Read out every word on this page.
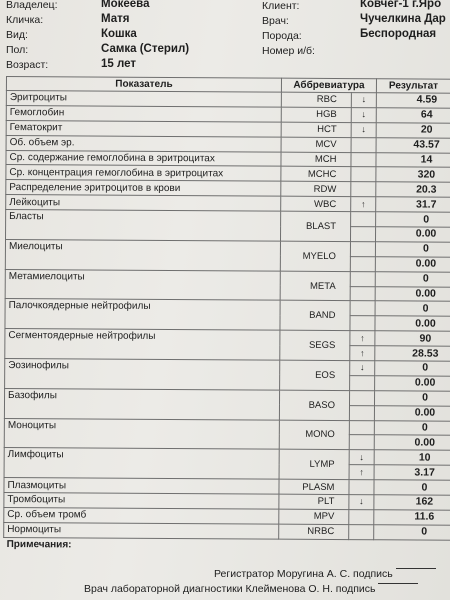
Владелец:	Мокеева
Кличка:	Матя
Вид:	Кошка
Пол:	Самка (Стерил)
Возраст:	15 лет
Клиент:	Ковчег-1 г.Яро
Врач:	Чучелкина Дар
Порода:	Беспородная
Номер и/б:
Показатель	Аббревиатура		Результат
Эритроциты	RBC	↓	4.59
Гемоглобин	HGB	↓	64
Гематокрит	HCT	↓	20
Об. объем эр.	MCV		43.57
Ср. содержание гемоглобина в эритроцитах	MCH		14
Ср. концентрация гемоглобина в эритроцитах	MCHC		320
Распределение эритроцитов в крови	RDW		20.3
Лейкоциты	WBC	↑	31.7
Бласты	BLAST		0
			0.00
Миелоциты	MYELO		0
			0.00
Метамиелоциты	META		0
			0.00
Палочкоядерные нейтрофилы	BAND		0
			0.00
Сегментоядерные нейтрофилы	SEGS	↑	90
		↑	28.53
Эозинофилы	EOS	↓	0
			0.00
Базофилы	BASO		0
			0.00
Моноциты	MONO		0
			0.00
Лимфоциты	LYMP	↓	10
		↑	3.17
Плазмоциты	PLASM		0
Тромбоциты	PLT	↓	162
Ср. объем тромб	MPV		11.6
Нормоциты	NRBC		0
Примечания:			
Регистратор Моругина А. С. подпись
Врач лабораторной диагностики Клейменова О. Н. подпись
